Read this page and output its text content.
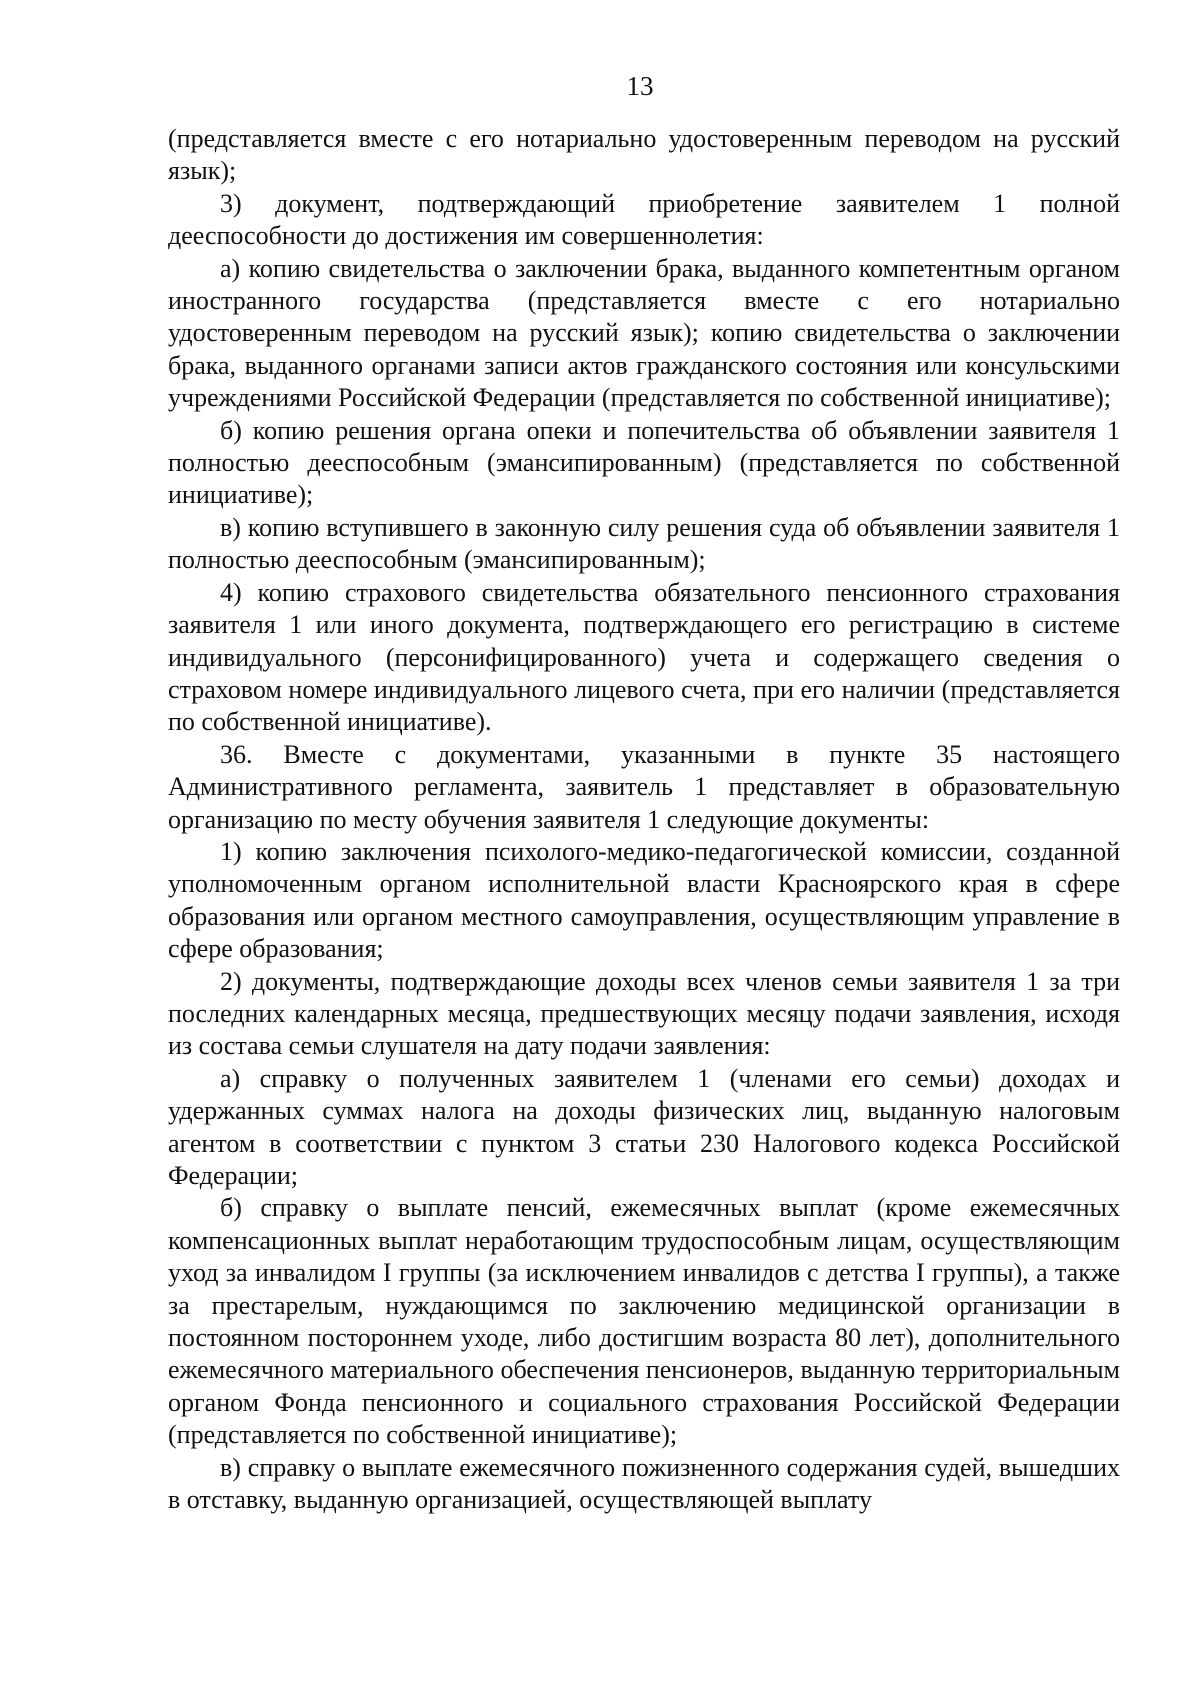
13

(представляется вместе с его нотариально удостоверенным переводом на русский язык);

3) документ, подтверждающий приобретение заявителем 1 полной дееспособности до достижения им совершеннолетия:

а) копию свидетельства о заключении брака, выданного компетентным органом иностранного государства (представляется вместе с его нотариально удостоверенным переводом на русский язык); копию свидетельства о заключении брака, выданного органами записи актов гражданского состояния или консульскими учреждениями Российской Федерации (представляется по собственной инициативе);

б) копию решения органа опеки и попечительства об объявлении заявителя 1 полностью дееспособным (эмансипированным) (представляется по собственной инициативе);

в) копию вступившего в законную силу решения суда об объявлении заявителя 1 полностью дееспособным (эмансипированным);

4) копию страхового свидетельства обязательного пенсионного страхования заявителя 1 или иного документа, подтверждающего его регистрацию в системе индивидуального (персонифицированного) учета и содержащего сведения о страховом номере индивидуального лицевого счета, при его наличии (представляется по собственной инициативе).

36. Вместе с документами, указанными в пункте 35 настоящего Административного регламента, заявитель 1 представляет в образовательную организацию по месту обучения заявителя 1 следующие документы:

1) копию заключения психолого-медико-педагогической комиссии, созданной уполномоченным органом исполнительной власти Красноярского края в сфере образования или органом местного самоуправления, осуществляющим управление в сфере образования;

2) документы, подтверждающие доходы всех членов семьи заявителя 1 за три последних календарных месяца, предшествующих месяцу подачи заявления, исходя из состава семьи слушателя на дату подачи заявления:

а) справку о полученных заявителем 1 (членами его семьи) доходах и удержанных суммах налога на доходы физических лиц, выданную налоговым агентом в соответствии с пунктом 3 статьи 230 Налогового кодекса Российской Федерации;

б) справку о выплате пенсий, ежемесячных выплат (кроме ежемесячных компенсационных выплат неработающим трудоспособным лицам, осуществляющим уход за инвалидом I группы (за исключением инвалидов с детства I группы), а также за престарелым, нуждающимся по заключению медицинской организации в постоянном постороннем уходе, либо достигшим возраста 80 лет), дополнительного ежемесячного материального обеспечения пенсионеров, выданную территориальным органом Фонда пенсионного и социального страхования Российской Федерации (представляется по собственной инициативе);

в) справку о выплате ежемесячного пожизненного содержания судей, вышедших в отставку, выданную организацией, осуществляющей выплату
